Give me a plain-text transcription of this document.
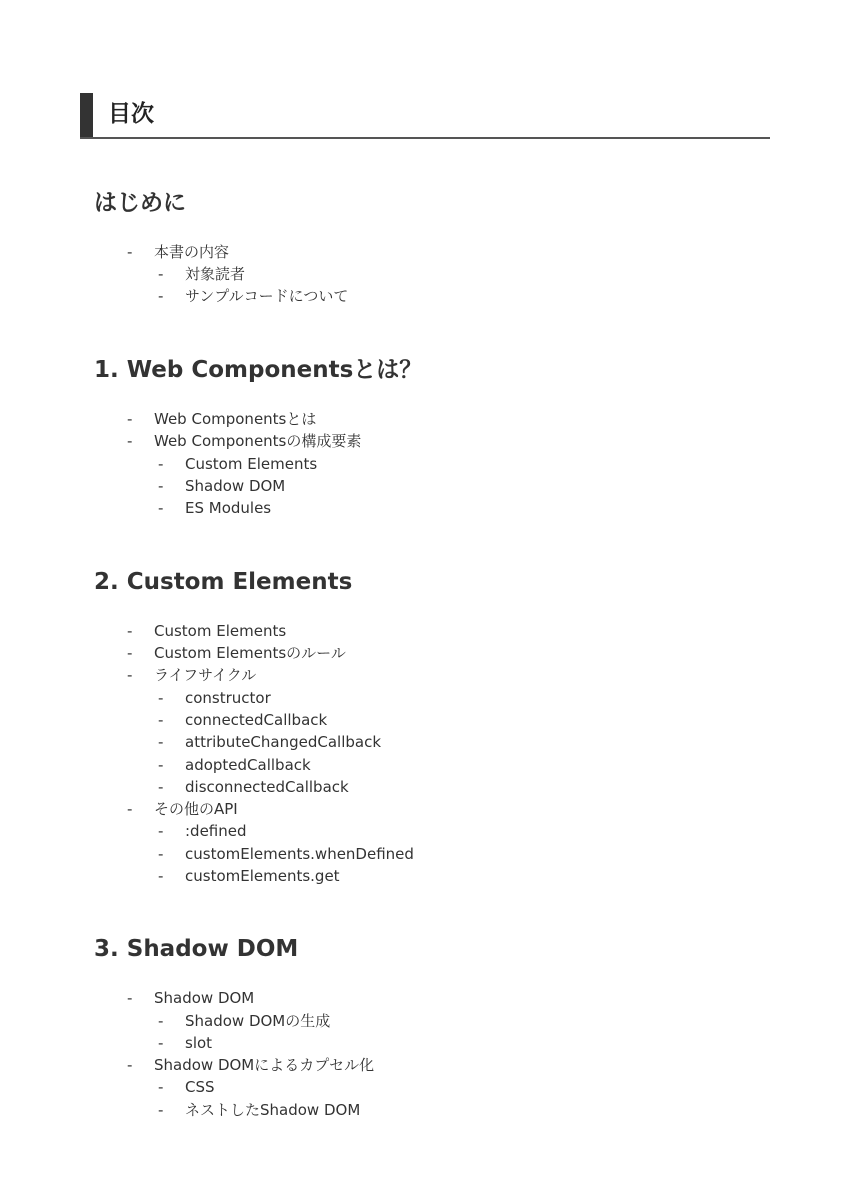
目次
はじめに
- 本書の内容
- 対象読者
- サンプルコードについて
1. Web Componentsとは？
- Web Componentsとは
- Web Componentsの構成要素
- Custom Elements
- Shadow DOM
- ES Modules
2. Custom Elements
- Custom Elements
- Custom Elementsのルール
- ライフサイクル
- constructor
- connectedCallback
- attributeChangedCallback
- adoptedCallback
- disconnectedCallback
- その他のAPI
- :defined
- customElements.whenDefined
- customElements.get
3. Shadow DOM
- Shadow DOM
- Shadow DOMの生成
- slot
- Shadow DOMによるカプセル化
- CSS
- ネストしたShadow DOM
